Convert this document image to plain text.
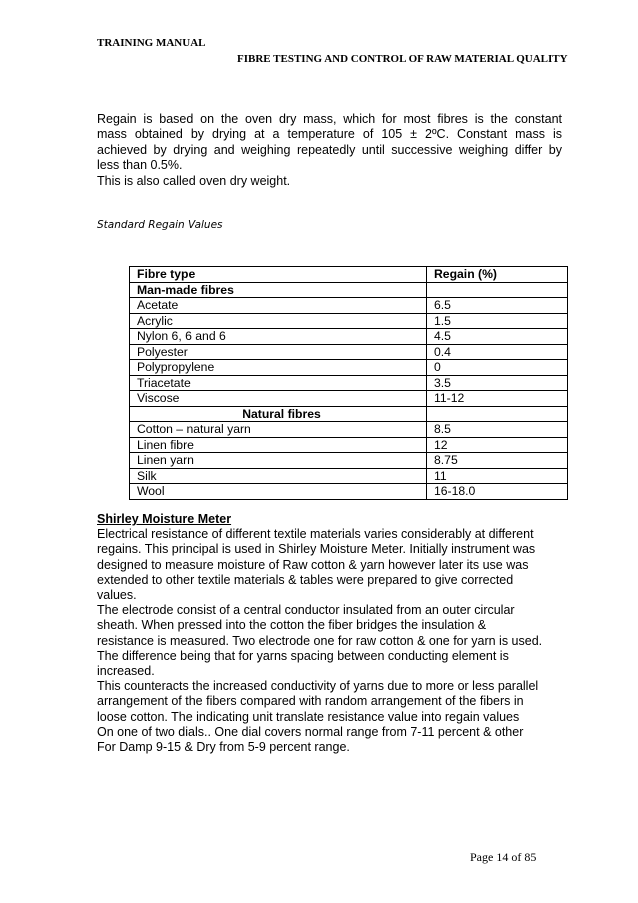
TRAINING MANUAL
FIBRE TESTING AND CONTROL OF RAW MATERIAL QUALITY

Regain is based on the oven dry mass, which for most fibres is the constant

mass obtained by drying at a temperature of 105 ± 2ºC. Constant mass is

achieved by drying and weighing repeatedly until successive weighing differ by

less than 0.5%.

This is also called oven dry weight.

Standard Regain Values
Fibre type	Regain (%)
Man-made fibres	
Acetate	6.5
Acrylic	1.5
Nylon 6, 6 and 6	4.5
Polyester	0.4
Polypropylene	0
Triacetate	3.5
Viscose	11-12
Natural fibres	
Cotton – natural yarn	8.5
Linen fibre	12
Linen yarn	8.75
Silk	11
Wool	16-18.0
Shirley Moisture Meter
Electrical resistance of different textile materials varies considerably at different
regains. This principal is used in Shirley Moisture Meter. Initially instrument was
designed to measure moisture of Raw cotton & yarn however later its use was
extended to other textile materials & tables were prepared to give corrected
values.
The electrode consist of a central conductor insulated from an outer circular
sheath. When pressed into the cotton the fiber bridges the insulation &
resistance is measured. Two electrode one for raw cotton & one for yarn is used.
The difference being that for yarns spacing between conducting element is
increased.
This counteracts the increased conductivity of yarns due to more or less parallel
arrangement of the fibers compared with random arrangement of the fibers in
loose cotton. The indicating unit translate resistance value into regain values
On one of two dials.. One dial covers normal range from 7-11 percent & other
For Damp 9-15 & Dry from 5-9 percent range.
Page 14 of 85
